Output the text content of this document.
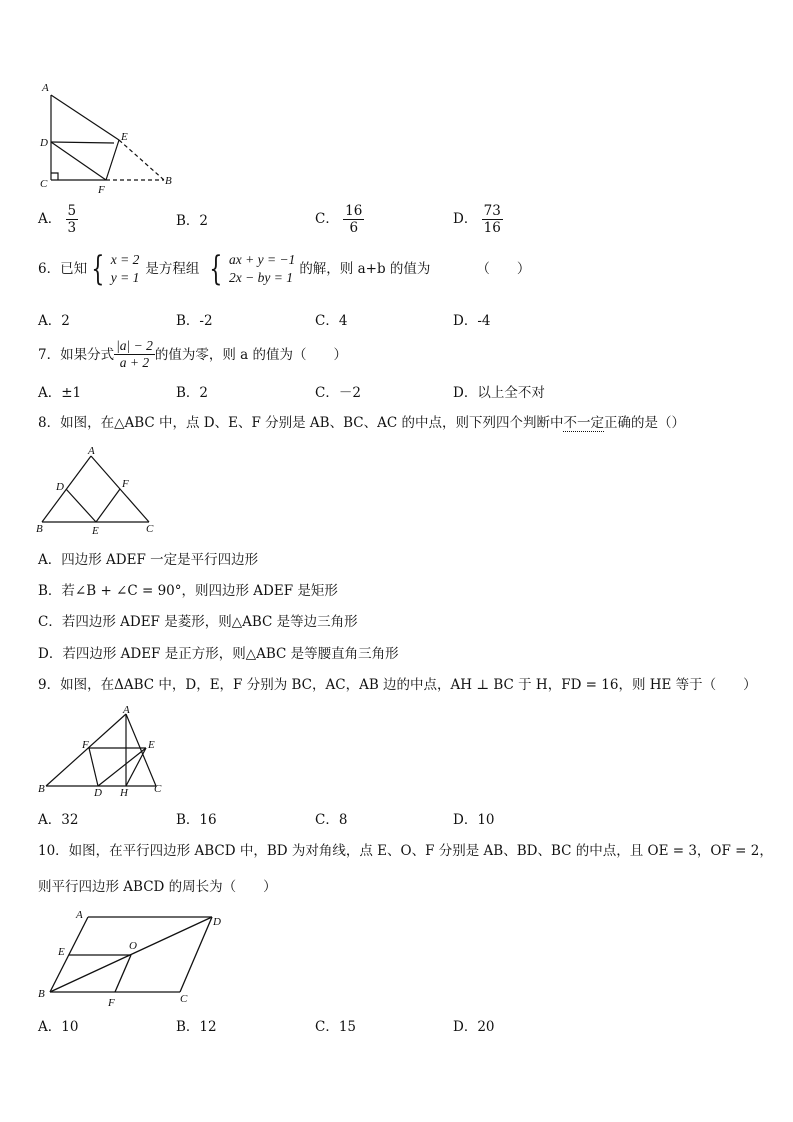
A
D	E
C	F
B
A． $\frac{5}{3}$	B．2	C． $\frac{16}{6}$	D． $\frac{73}{16}$
6．已知 { x = 2
y = 1
是方程组 { ax + y = −1
2x − by = 1
的解，则 a+b 的值为	（　　）
A．2	B．-2	C．4	D．-4
7．如果分式 $\frac{|a| - 2}{a + 2}$ 的值为零，则 a 的值为（　　）
A．±1	B．2	C．－2	D．以上全不对
8．如图，在△ABC 中，点 D、E、F 分别是 AB、BC、AC 的中点，则下列四个判断中不一定正确的是（）
A
D	F
B	E	C
A．四边形 ADEF 一定是平行四边形
B．若∠B + ∠C = 90°，则四边形 ADEF 是矩形
C．若四边形 ADEF 是菱形，则△ABC 是等边三角形
D．若四边形 ADEF 是正方形，则△ABC 是等腰直角三角形
9．如图，在ΔABC 中，D，E，F 分别为 BC，AC，AB 边的中点，AH ⊥ BC 于 H，FD = 16，则 HE 等于（　　）
A
F	E
B	D H C
A．32	B．16	C．8	D．10
10．如图，在平行四边形 ABCD 中，BD 为对角线，点 E、O、F 分别是 AB、BD、BC 的中点，且 OE = 3，OF = 2，
则平行四边形 ABCD 的周长为（　　）
A
D
E	O
B
F	C
A．10	B．12	C．15	D．20
